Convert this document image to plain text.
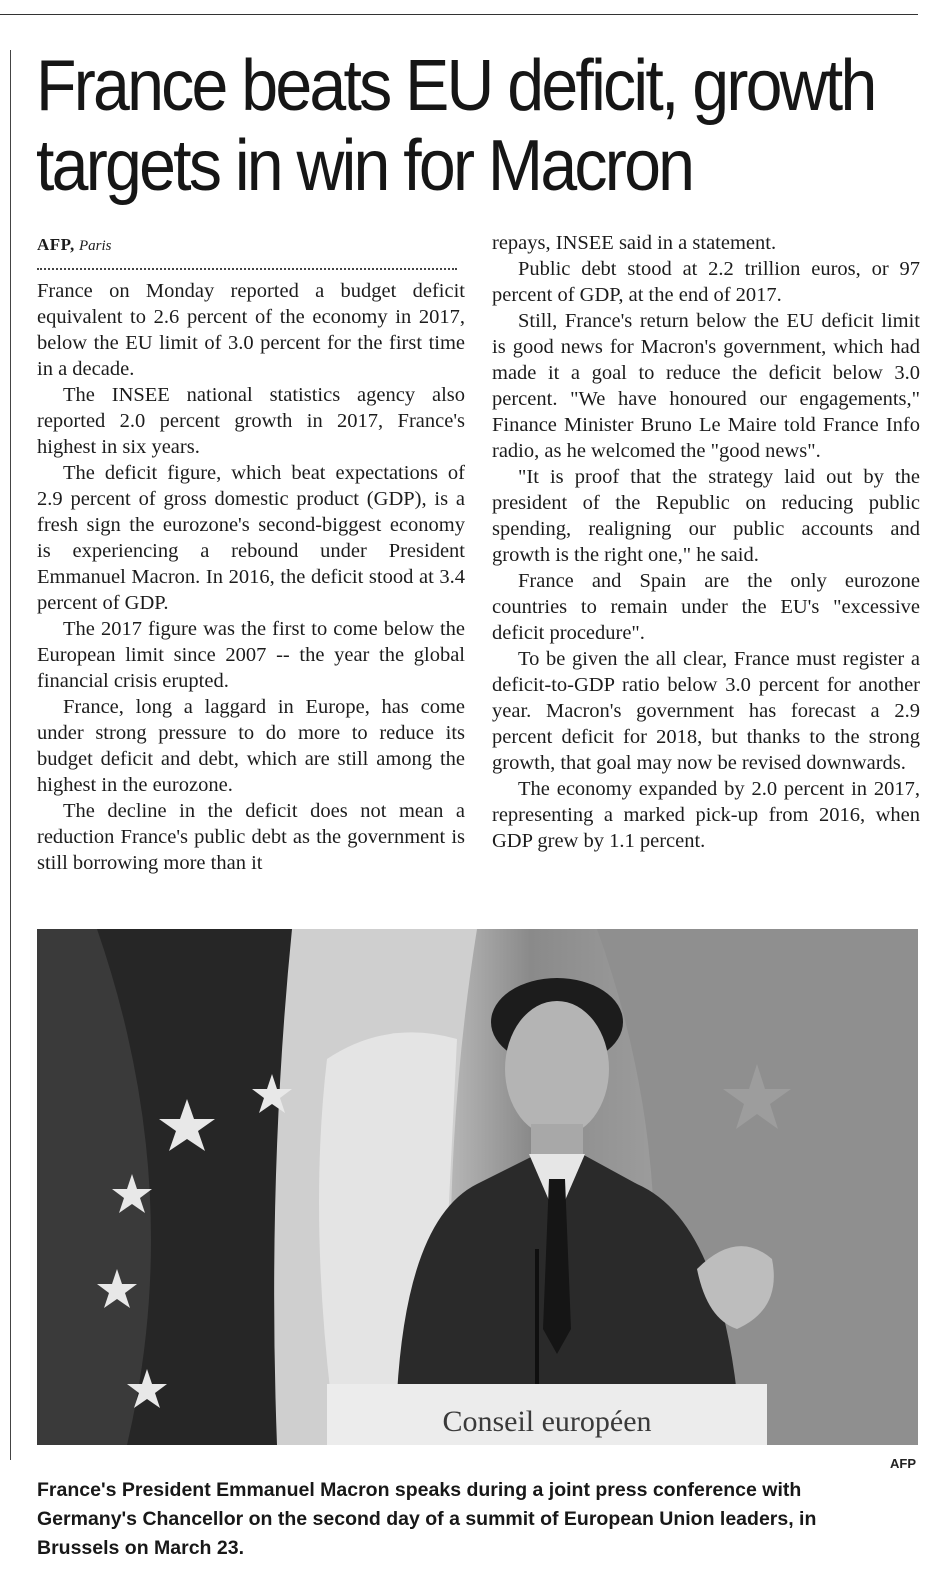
France beats EU deficit, growth
targets in win for Macron
AFP, Paris

France on Monday reported a budget deficit equivalent to 2.6 percent of the economy in 2017, below the EU limit of 3.0 percent for the first time in a decade.

The INSEE national statistics agency also reported 2.0 percent growth in 2017, France's highest in six years.

The deficit figure, which beat expectations of 2.9 percent of gross domestic product (GDP), is a fresh sign the eurozone's second-biggest economy is experiencing a rebound under President Emmanuel Macron. In 2016, the deficit stood at 3.4 percent of GDP.

The 2017 figure was the first to come below the European limit since 2007 -- the year the global financial crisis erupted.

France, long a laggard in Europe, has come under strong pressure to do more to reduce its budget deficit and debt, which are still among the highest in the eurozone.

The decline in the deficit does not mean a reduction France's public debt as the government is still borrowing more than it

repays, INSEE said in a statement.

Public debt stood at 2.2 trillion euros, or 97 percent of GDP, at the end of 2017.

Still, France's return below the EU deficit limit is good news for Macron's government, which had made it a goal to reduce the deficit below 3.0 percent. "We have honoured our engagements," Finance Minister Bruno Le Maire told France Info radio, as he welcomed the "good news".

"It is proof that the strategy laid out by the president of the Republic on reducing public spending, realigning our public accounts and growth is the right one," he said.

France and Spain are the only eurozone countries to remain under the EU's "excessive deficit procedure".

To be given the all clear, France must register a deficit-to-GDP ratio below 3.0 percent for another year. Macron's government has forecast a 2.9 percent deficit for 2018, but thanks to the strong growth, that goal may now be revised downwards.

The economy expanded by 2.0 percent in 2017, representing a marked pick-up from 2016, when GDP grew by 1.1 percent.

Conseil européen
AFP
France's President Emmanuel Macron speaks during a joint press conference with
Germany's Chancellor on the second day of a summit of European Union leaders, in
Brussels on March 23.
